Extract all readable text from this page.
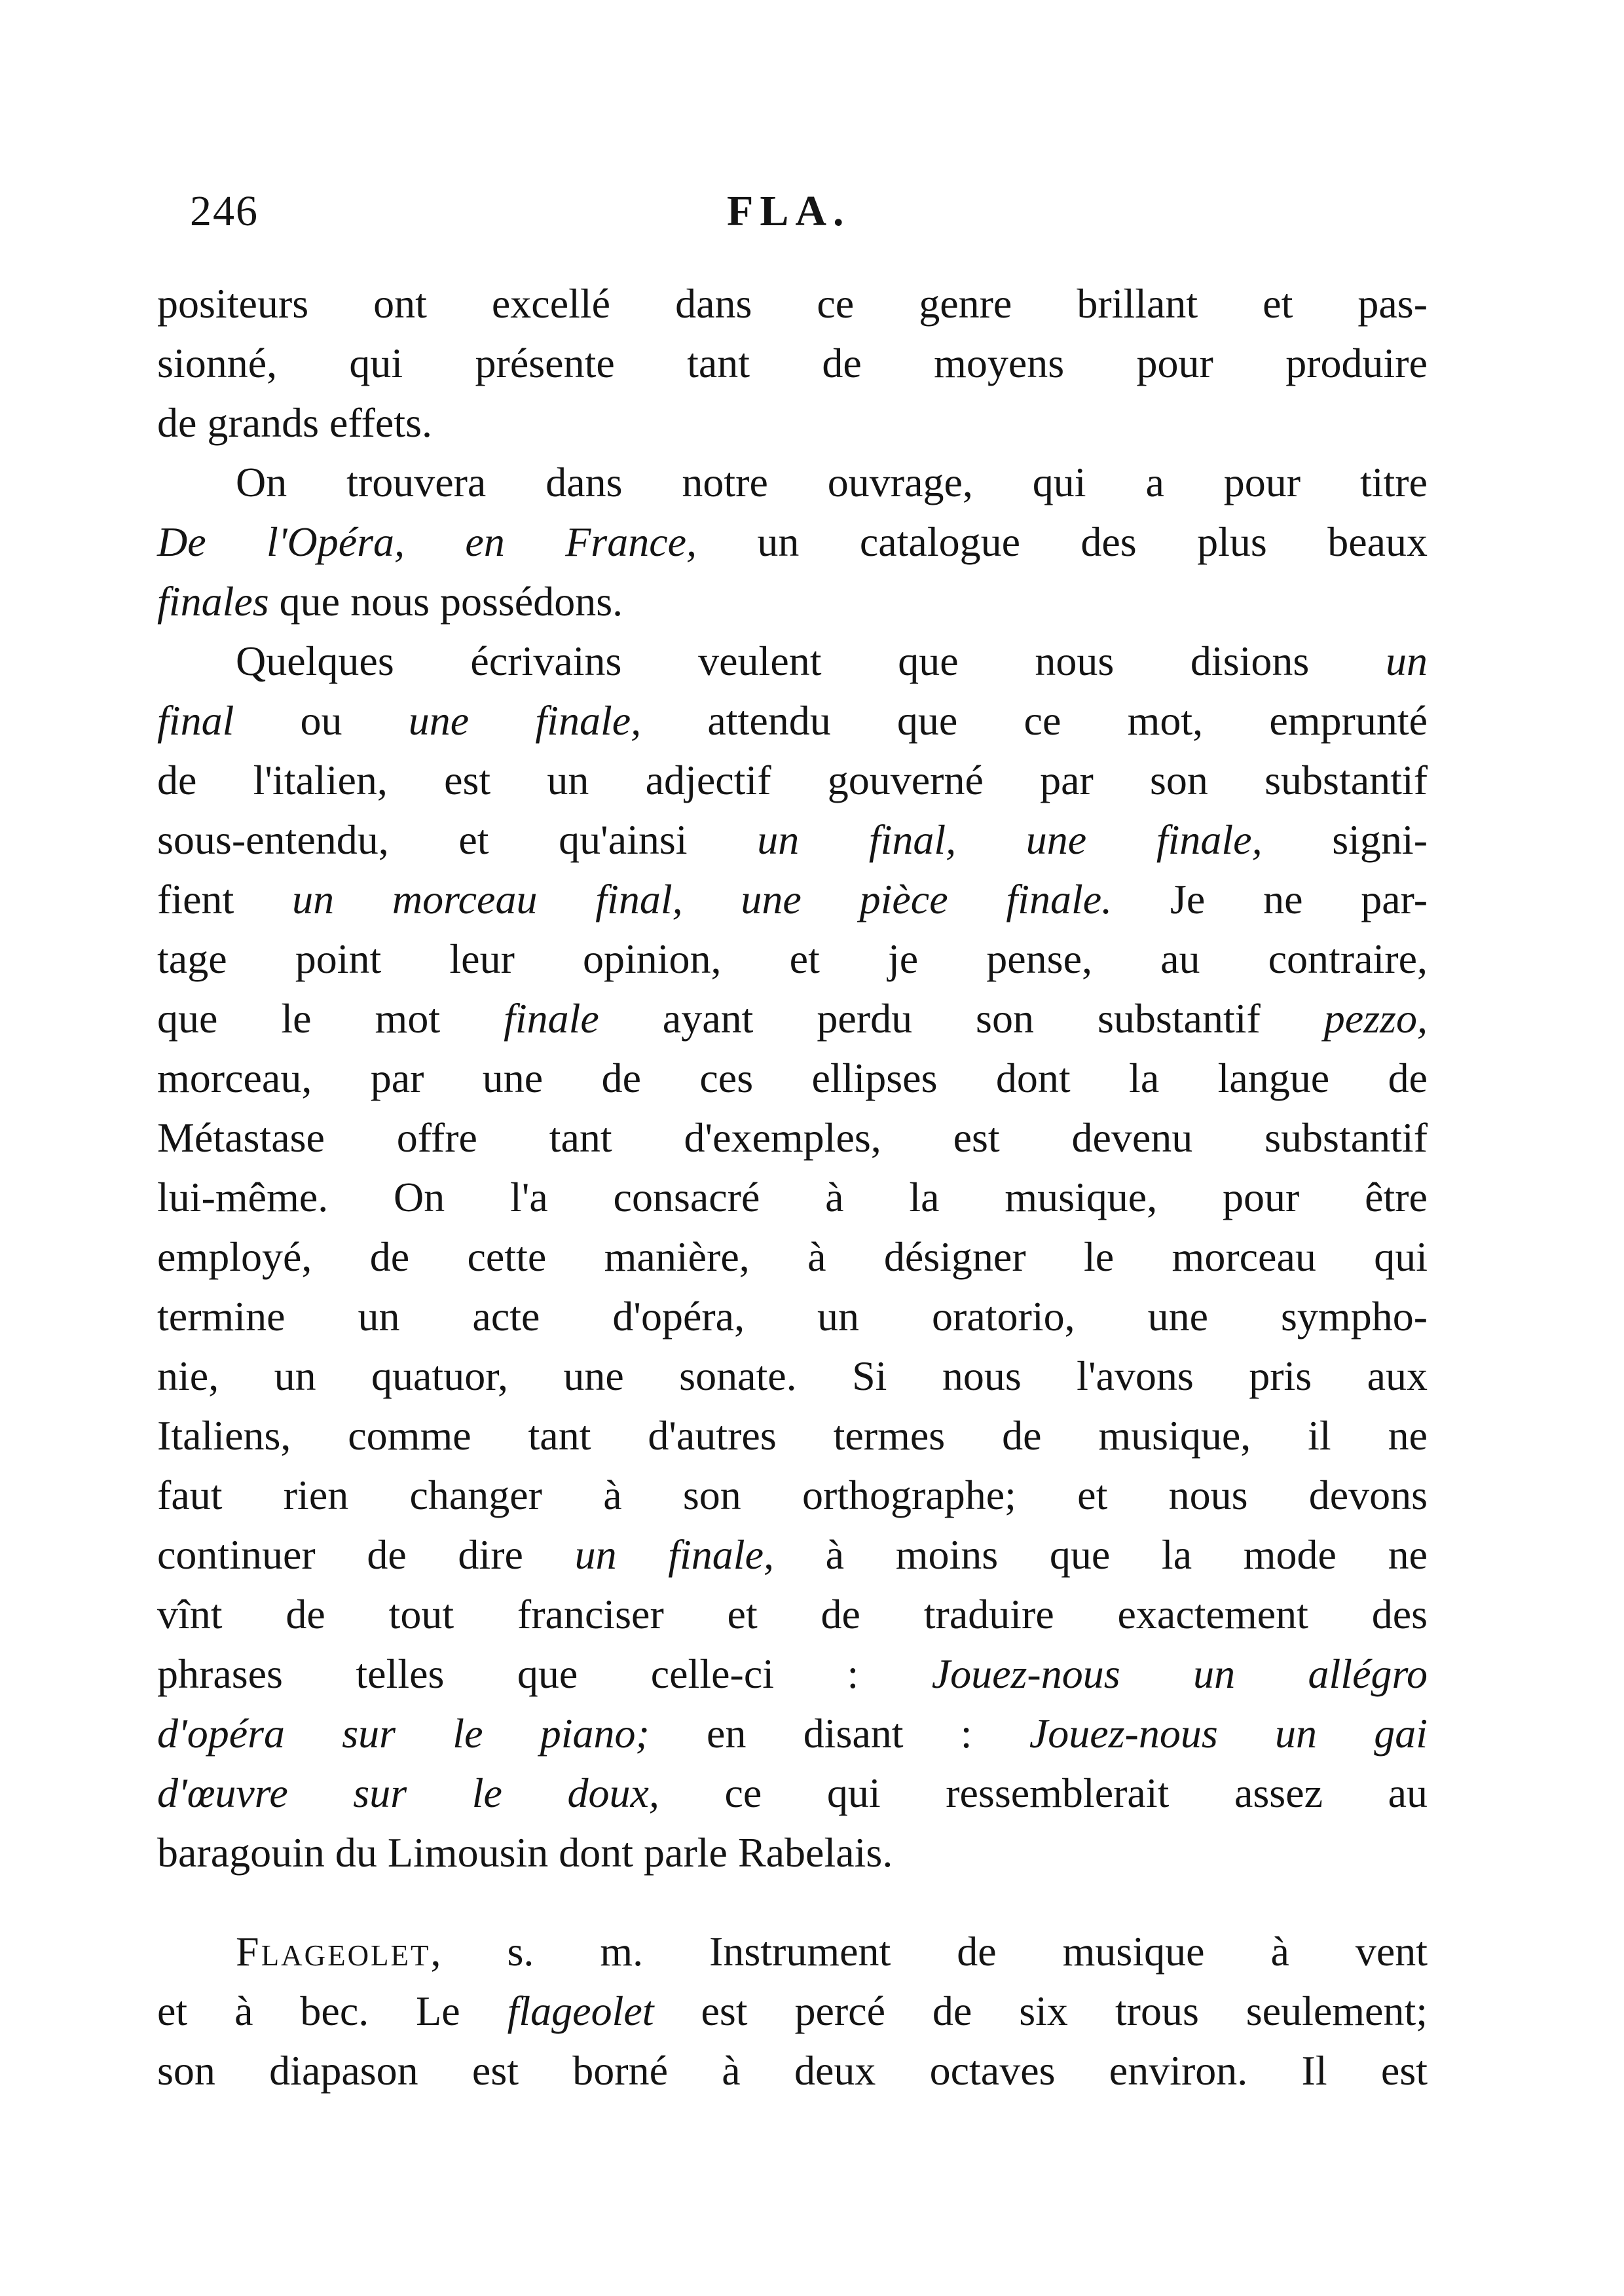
246	FLA.
positeurs ont excellé dans ce genre brillant et pas-
sionné, qui présente tant de moyens pour produire
de grands effets.
On trouvera dans notre ouvrage, qui a pour titre
De l'Opéra, en France, un catalogue des plus beaux
finales que nous possédons.
Quelques écrivains veulent que nous disions un
final ou une finale, attendu que ce mot, emprunté
de l'italien, est un adjectif gouverné par son substantif
sous-entendu, et qu'ainsi un final, une finale, signi-
fient un morceau final, une pièce finale. Je ne par-
tage point leur opinion, et je pense, au contraire,
que le mot finale ayant perdu son substantif pezzo,
morceau, par une de ces ellipses dont la langue de
Métastase offre tant d'exemples, est devenu substantif
lui-même. On l'a consacré à la musique, pour être
employé, de cette manière, à désigner le morceau qui
termine un acte d'opéra, un oratorio, une sympho-
nie, un quatuor, une sonate. Si nous l'avons pris aux
Italiens, comme tant d'autres termes de musique, il ne
faut rien changer à son orthographe; et nous devons
continuer de dire un finale, à moins que la mode ne
vînt de tout franciser et de traduire exactement des
phrases telles que celle-ci : Jouez-nous un allégro
d'opéra sur le piano; en disant : Jouez-nous un gai
d'œuvre sur le doux, ce qui ressemblerait assez au
baragouin du Limousin dont parle Rabelais.
Flageolet, s. m. Instrument de musique à vent
et à bec. Le flageolet est percé de six trous seulement;
son diapason est borné à deux octaves environ. Il est
